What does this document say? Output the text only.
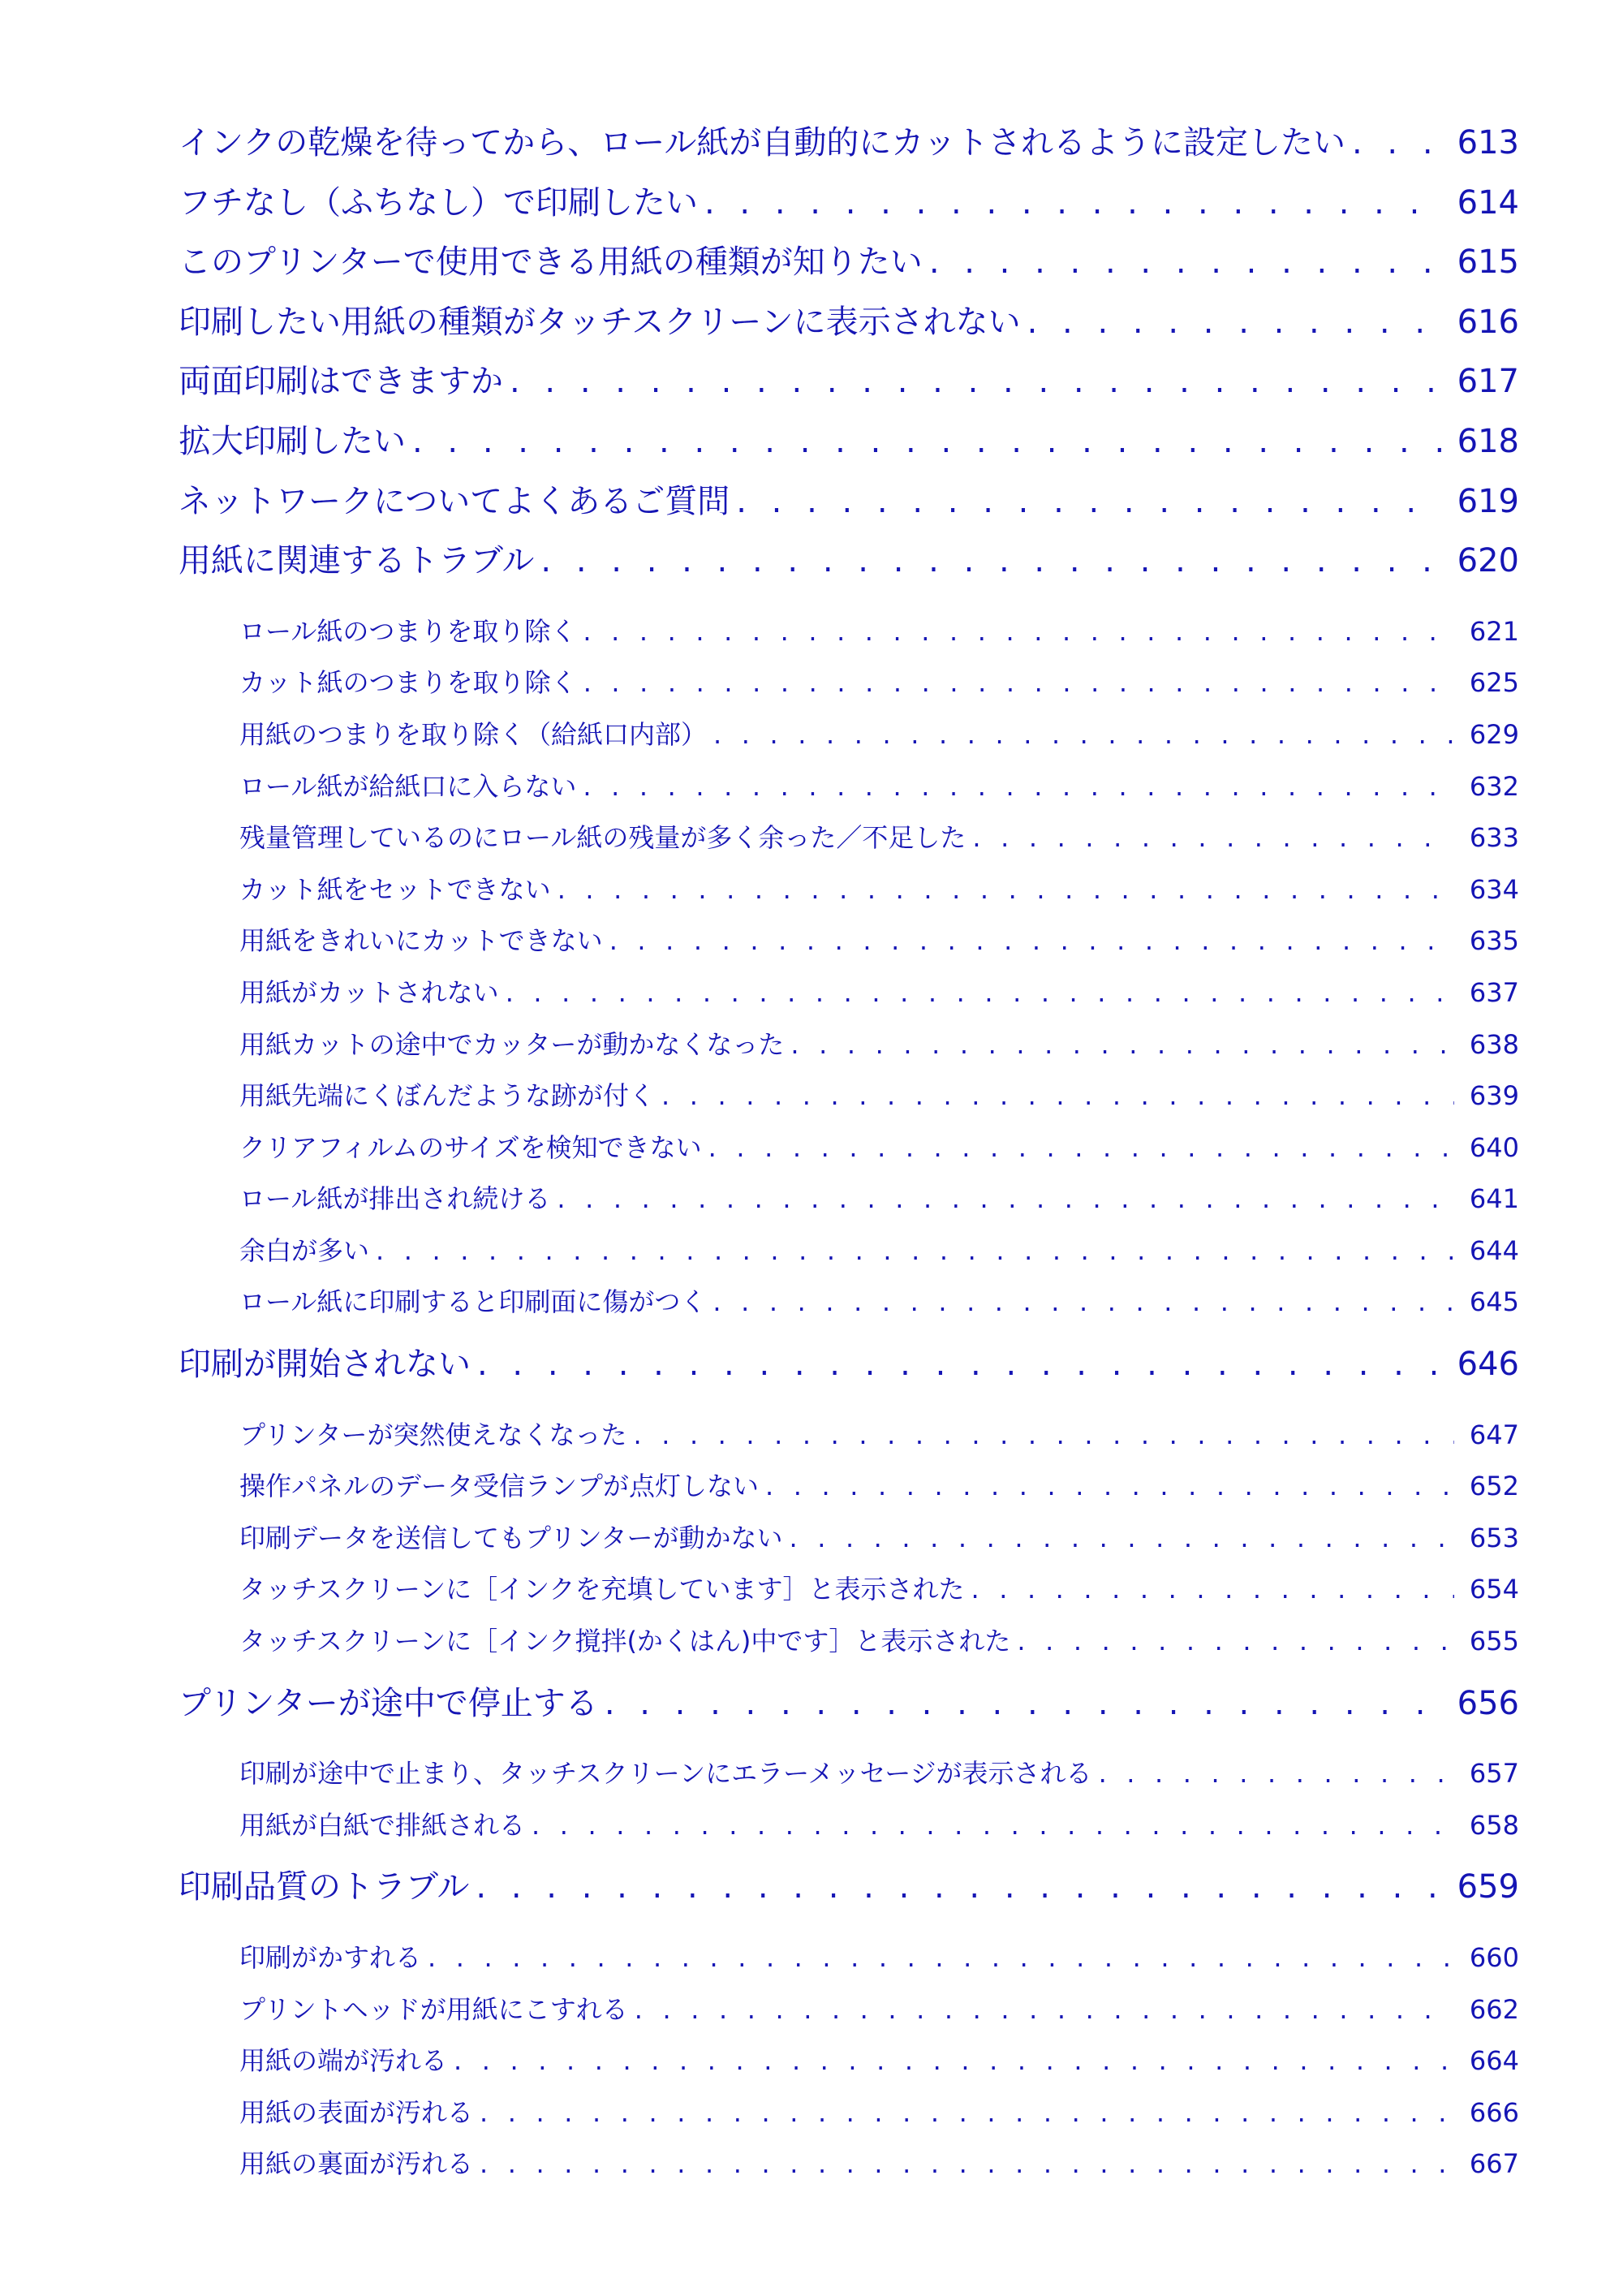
インクの乾燥を待ってから、ロール紙が自動的にカットされるように設定したい . . .	613
フチなし（ふちなし）で印刷したい . . .	614
このプリンターで使用できる用紙の種類が知りたい . . .	615
印刷したい用紙の種類がタッチスクリーンに表示されない . . .	616
両面印刷はできますか . . .	617
拡大印刷したい . . .	618
ネットワークについてよくあるご質問 . . .	619
用紙に関連するトラブル . . .	620
ロール紙のつまりを取り除く . . .	621
カット紙のつまりを取り除く . . .	625
用紙のつまりを取り除く（給紙口内部） . . .	629
ロール紙が給紙口に入らない . . .	632
残量管理しているのにロール紙の残量が多く余った／不足した . . .	633
カット紙をセットできない . . .	634
用紙をきれいにカットできない . . .	635
用紙がカットされない . . .	637
用紙カットの途中でカッターが動かなくなった . . .	638
用紙先端にくぼんだような跡が付く . . .	639
クリアフィルムのサイズを検知できない . . .	640
ロール紙が排出され続ける . . .	641
余白が多い . . .	644
ロール紙に印刷すると印刷面に傷がつく . . .	645
印刷が開始されない . . .	646
プリンターが突然使えなくなった . . .	647
操作パネルのデータ受信ランプが点灯しない . . .	652
印刷データを送信してもプリンターが動かない . . .	653
タッチスクリーンに［インクを充填しています］と表示された . . .	654
タッチスクリーンに［インク撹拌(かくはん)中です］と表示された . . .	655
プリンターが途中で停止する . . .	656
印刷が途中で止まり、タッチスクリーンにエラーメッセージが表示される . . .	657
用紙が白紙で排紙される . . .	658
印刷品質のトラブル . . .	659
印刷がかすれる . . .	660
プリントヘッドが用紙にこすれる . . .	662
用紙の端が汚れる . . .	664
用紙の表面が汚れる . . .	666
用紙の裏面が汚れる . . .	667
